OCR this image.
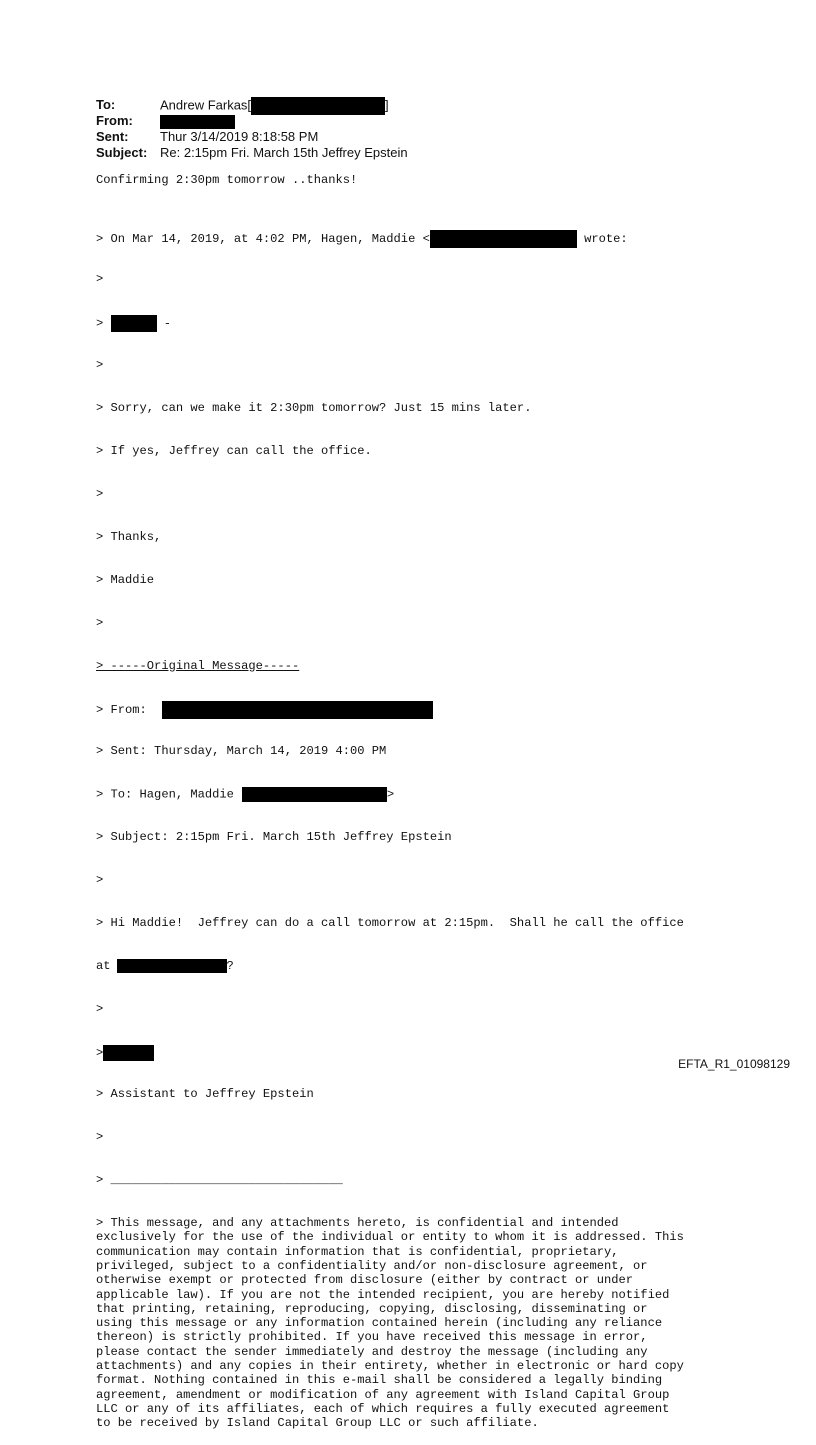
To:	Andrew Farkas[	]
From:
Sent: Thur 3/14/2019 8:18:58 PM
Subject: Re: 2:15pm Fri. March 15th Jeffrey Epstein
Confirming 2:30pm tomorrow ..thanks!

> On Mar 14, 2019, at 4:02 PM, Hagen, Maddie <	wrote:

>

>	-

>

> Sorry, can we make it 2:30pm tomorrow? Just 15 mins later.

> If yes, Jeffrey can call the office.

>

> Thanks,

> Maddie

>

> -----Original Message-----

> From:

> Sent: Thursday, March 14, 2019 4:00 PM

> To: Hagen, Maddie	>

> Subject: 2:15pm Fri. March 15th Jeffrey Epstein

>

> Hi Maddie!  Jeffrey can do a call tomorrow at 2:15pm.  Shall he call the office

at	?

>

>

> Assistant to Jeffrey Epstein

>

> ________________________________

> This message, and any attachments hereto, is confidential and intended
exclusively for the use of the individual or entity to whom it is addressed. This
communication may contain information that is confidential, proprietary,
privileged, subject to a confidentiality and/or non-disclosure agreement, or
otherwise exempt or protected from disclosure (either by contract or under
applicable law). If you are not the intended recipient, you are hereby notified
that printing, retaining, reproducing, copying, disclosing, disseminating or
using this message or any information contained herein (including any reliance
thereon) is strictly prohibited. If you have received this message in error,
please contact the sender immediately and destroy the message (including any
attachments) and any copies in their entirety, whether in electronic or hard copy
format. Nothing contained in this e-mail shall be considered a legally binding
agreement, amendment or modification of any agreement with Island Capital Group
LLC or any of its affiliates, each of which requires a fully executed agreement
to be received by Island Capital Group LLC or such affiliate.

EFTA_R1_01098129
